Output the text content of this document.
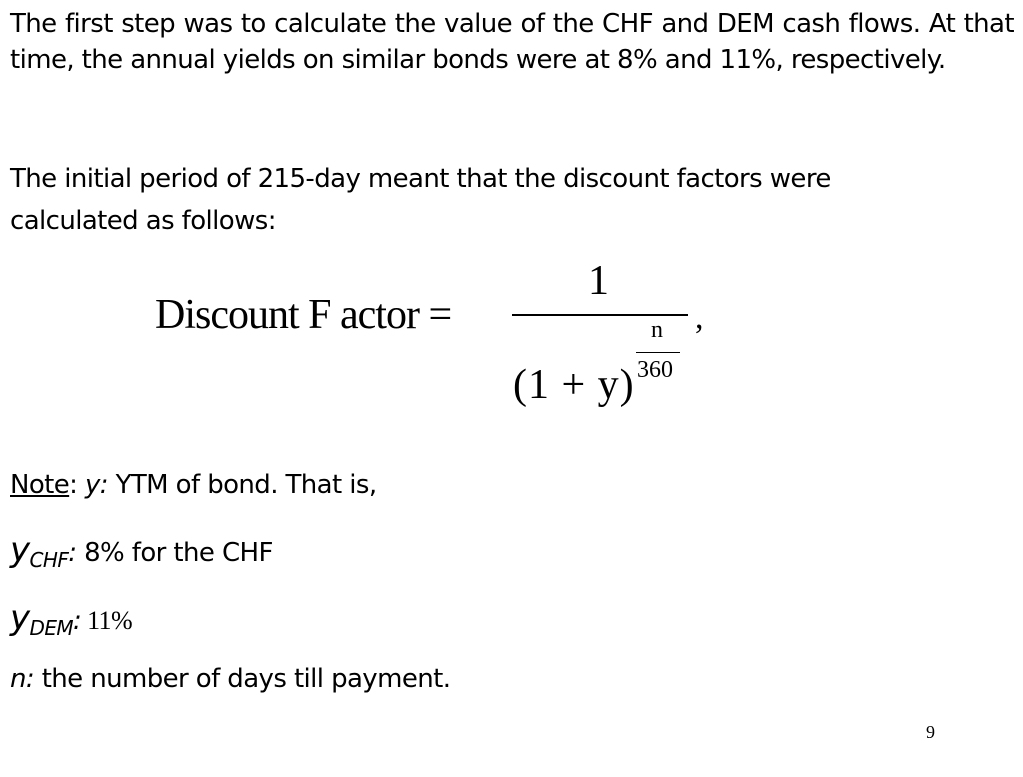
The first step was to calculate the value of the CHF and DEM cash flows. At that time, the annual yields on similar bonds were at 8% and 11%, respectively.

The initial period of 215-day meant that the discount factors were
calculated as follows:
Discount F actor =
1
,
(1 + y)
n
360

Note: y: YTM of bond. That is,

$y_{CHF}$: 8% for the CHF

$y_{DEM}$: 11%

n: the number of days till payment.

9
